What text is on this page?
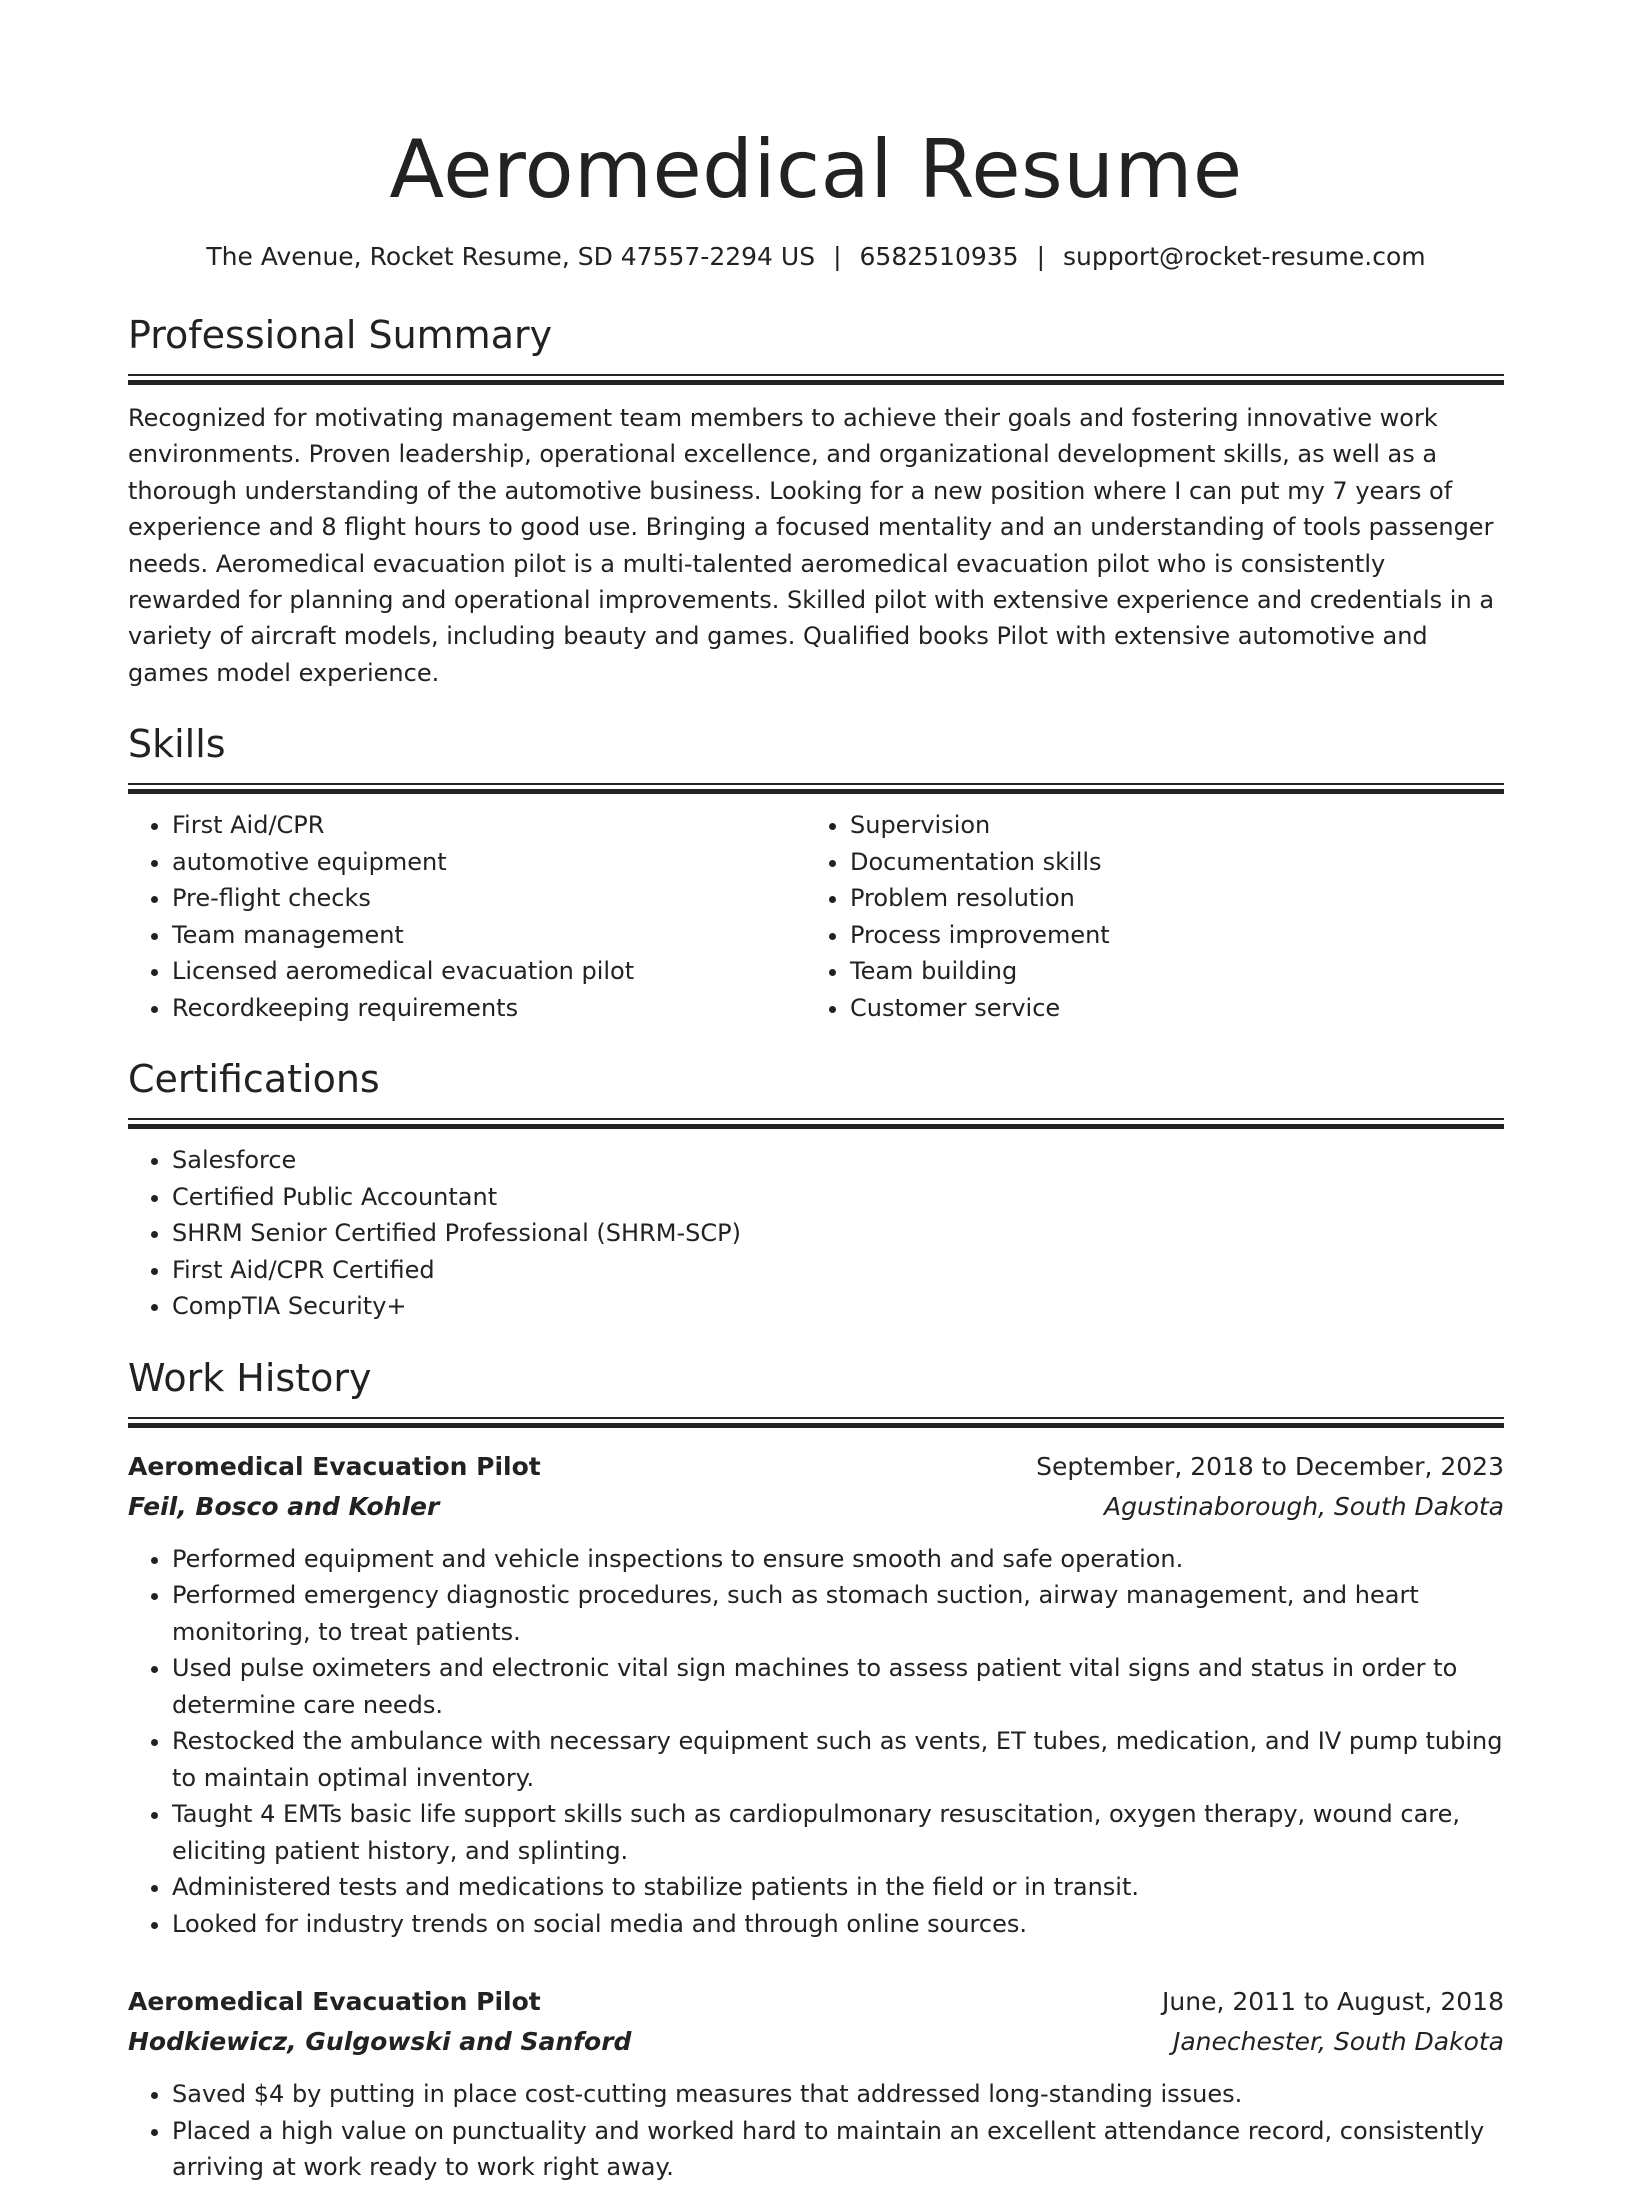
Aeromedical Resume
The Avenue, Rocket Resume, SD 47557-2294 US | 6582510935 | support@rocket-resume.com
Professional Summary

Recognized for motivating management team members to achieve their goals and fostering innovative work environments. Proven leadership, operational excellence, and organizational development skills, as well as a thorough understanding of the automotive business. Looking for a new position where I can put my 7 years of experience and 8 flight hours to good use. Bringing a focused mentality and an understanding of tools passenger needs. Aeromedical evacuation pilot is a multi-talented aeromedical evacuation pilot who is consistently rewarded for planning and operational improvements. Skilled pilot with extensive experience and credentials in a variety of aircraft models, including beauty and games. Qualified books Pilot with extensive automotive and games model experience.

Skills
• First Aid/CPR
• automotive equipment
• Pre-flight checks
• Team management
• Licensed aeromedical evacuation pilot
• Recordkeeping requirements
• Supervision
• Documentation skills
• Problem resolution
• Process improvement
• Team building
• Customer service
Certifications
• Salesforce
• Certified Public Accountant
• SHRM Senior Certified Professional (SHRM-SCP)
• First Aid/CPR Certified
• CompTIA Security+
Work History
Aeromedical Evacuation Pilot	September, 2018 to December, 2023
Feil, Bosco and Kohler	Agustinaborough, South Dakota
• Performed equipment and vehicle inspections to ensure smooth and safe operation.
• Performed emergency diagnostic procedures, such as stomach suction, airway management, and heart monitoring, to treat patients.
• Used pulse oximeters and electronic vital sign machines to assess patient vital signs and status in order to determine care needs.
• Restocked the ambulance with necessary equipment such as vents, ET tubes, medication, and IV pump tubing to maintain optimal inventory.
• Taught 4 EMTs basic life support skills such as cardiopulmonary resuscitation, oxygen therapy, wound care, eliciting patient history, and splinting.
• Administered tests and medications to stabilize patients in the field or in transit.
• Looked for industry trends on social media and through online sources.
Aeromedical Evacuation Pilot	June, 2011 to August, 2018
Hodkiewicz, Gulgowski and Sanford	Janechester, South Dakota
• Saved $4 by putting in place cost-cutting measures that addressed long-standing issues.
• Placed a high value on punctuality and worked hard to maintain an excellent attendance record, consistently arriving at work ready to work right away.
